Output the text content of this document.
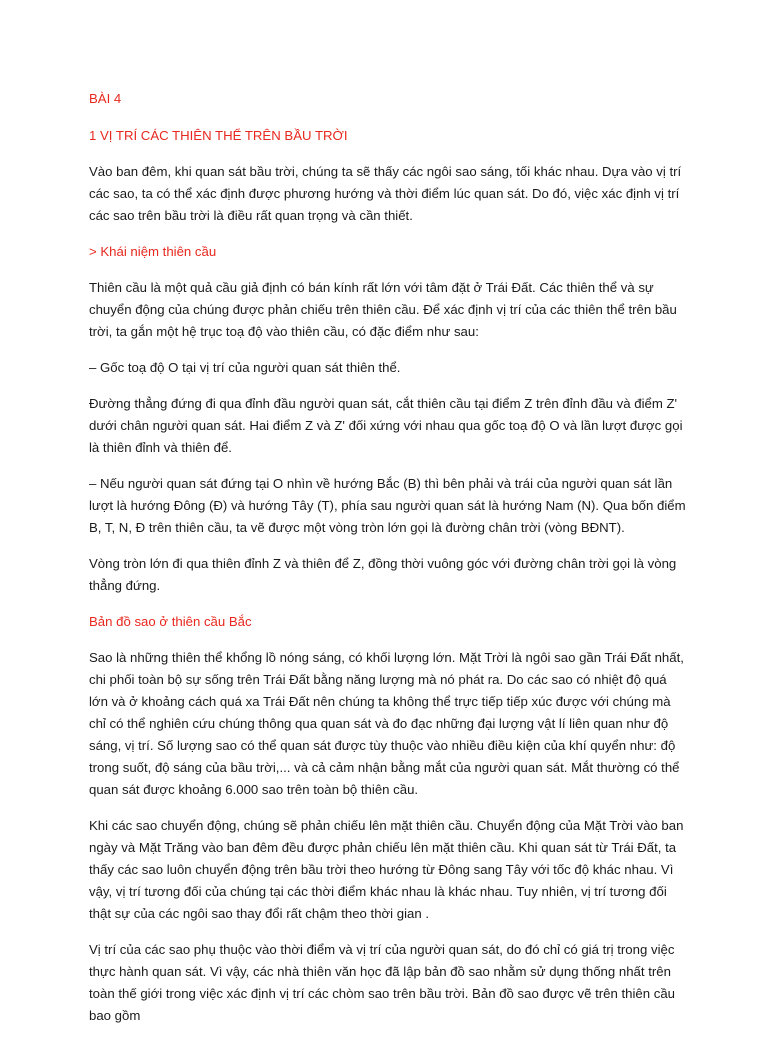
BÀI 4
1 VỊ TRÍ CÁC THIÊN THỂ TRÊN BẦU TRỜI
Vào ban đêm, khi quan sát bầu trời, chúng ta sẽ thấy các ngôi sao sáng, tối khác nhau. Dựa vào vị trí các sao, ta có thể xác định được phương hướng và thời điểm lúc quan sát. Do đó, việc xác định vị trí các sao trên bầu trời là điều rất quan trọng và cần thiết.
> Khái niệm thiên cầu
Thiên cầu là một quả cầu giả định có bán kính rất lớn với tâm đặt ở Trái Đất. Các thiên thể và sự chuyển động của chúng được phản chiếu trên thiên cầu. Để xác định vị trí của các thiên thể trên bầu trời, ta gắn một hệ trục toạ độ vào thiên cầu, có đặc điểm như sau:
– Gốc toạ độ O tại vị trí của người quan sát thiên thể.
Đường thẳng đứng đi qua đỉnh đầu người quan sát, cắt thiên cầu tại điểm Z trên đỉnh đầu và điểm Z' dưới chân người quan sát. Hai điểm Z và Z' đối xứng với nhau qua gốc toạ độ O và lần lượt được gọi là thiên đỉnh và thiên để.
– Nếu người quan sát đứng tại O nhìn về hướng Bắc (B) thì bên phải và trái của người quan sát lần lượt là hướng Đông (Đ) và hướng Tây (T), phía sau người quan sát là hướng Nam (N). Qua bốn điểm B, T, N, Đ trên thiên cầu, ta vẽ được một vòng tròn lớn gọi là đường chân trời (vòng BĐNT).
Vòng tròn lớn đi qua thiên đỉnh Z và thiên để Z, đồng thời vuông góc với đường chân trời gọi là vòng thẳng đứng.
Bản đồ sao ở thiên cầu Bắc
Sao là những thiên thể khổng lồ nóng sáng, có khối lượng lớn. Mặt Trời là ngôi sao gần Trái Đất nhất, chi phối toàn bộ sự sống trên Trái Đất bằng năng lượng mà nó phát ra. Do các sao có nhiệt độ quá lớn và ở khoảng cách quá xa Trái Đất nên chúng ta không thể trực tiếp tiếp xúc được với chúng mà chỉ có thể nghiên cứu chúng thông qua quan sát và đo đạc những đại lượng vật lí liên quan như độ sáng, vị trí. Số lượng sao có thể quan sát được tùy thuộc vào nhiều điều kiện của khí quyển như: độ trong suốt, độ sáng của bầu trời,... và cả cảm nhận bằng mắt của người quan sát. Mắt thường có thể quan sát được khoảng 6.000 sao trên toàn bộ thiên cầu.
Khi các sao chuyển động, chúng sẽ phản chiếu lên mặt thiên cầu. Chuyển động của Mặt Trời vào ban ngày và Mặt Trăng vào ban đêm đều được phản chiếu lên mặt thiên cầu. Khi quan sát từ Trái Đất, ta thấy các sao luôn chuyển động trên bầu trời theo hướng từ Đông sang Tây với tốc độ khác nhau. Vì vậy, vị trí tương đối của chúng tại các thời điểm khác nhau là khác nhau. Tuy nhiên, vị trí tương đối thật sự của các ngôi sao thay đổi rất chậm theo thời gian .
Vị trí của các sao phụ thuộc vào thời điểm và vị trí của người quan sát, do đó chỉ có giá trị trong việc thực hành quan sát. Vì vậy, các nhà thiên văn học đã lập bản đồ sao nhằm sử dụng thống nhất trên toàn thế giới trong việc xác định vị trí các chòm sao trên bầu trời. Bản đồ sao được vẽ trên thiên cầu bao gồm
